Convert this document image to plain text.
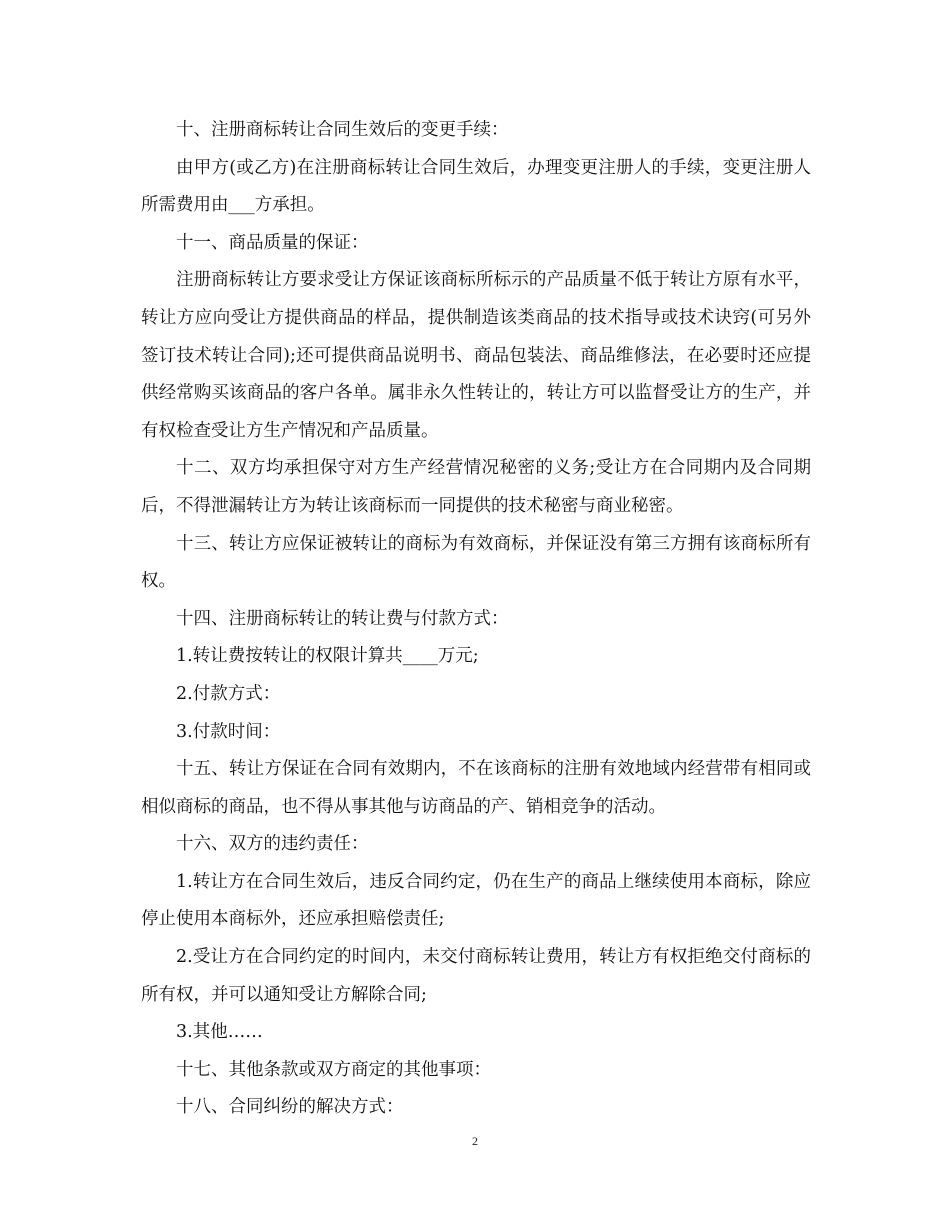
十、注册商标转让合同生效后的变更手续：

由甲方(或乙方)在注册商标转让合同生效后，办理变更注册人的手续，变更注册人所需费用由___方承担。

十一、商品质量的保证：

注册商标转让方要求受让方保证该商标所标示的产品质量不低于转让方原有水平，转让方应向受让方提供商品的样品，提供制造该类商品的技术指导或技术诀窍(可另外签订技术转让合同);还可提供商品说明书、商品包装法、商品维修法，在必要时还应提供经常购买该商品的客户各单。属非永久性转让的，转让方可以监督受让方的生产，并有权检查受让方生产情况和产品质量。

十二、双方均承担保守对方生产经营情况秘密的义务;受让方在合同期内及合同期后，不得泄漏转让方为转让该商标而一同提供的技术秘密与商业秘密。

十三、转让方应保证被转让的商标为有效商标，并保证没有第三方拥有该商标所有权。

十四、注册商标转让的转让费与付款方式：

1.转让费按转让的权限计算共____万元;

2.付款方式：

3.付款时间：

十五、转让方保证在合同有效期内，不在该商标的注册有效地域内经营带有相同或相似商标的商品，也不得从事其他与访商品的产、销相竞争的活动。

十六、双方的违约责任：

1.转让方在合同生效后，违反合同约定，仍在生产的商品上继续使用本商标，除应停止使用本商标外，还应承担赔偿责任;

2.受让方在合同约定的时间内，未交付商标转让费用，转让方有权拒绝交付商标的所有权，并可以通知受让方解除合同;

3.其他……

十七、其他条款或双方商定的其他事项：

十八、合同纠纷的解决方式：

2
